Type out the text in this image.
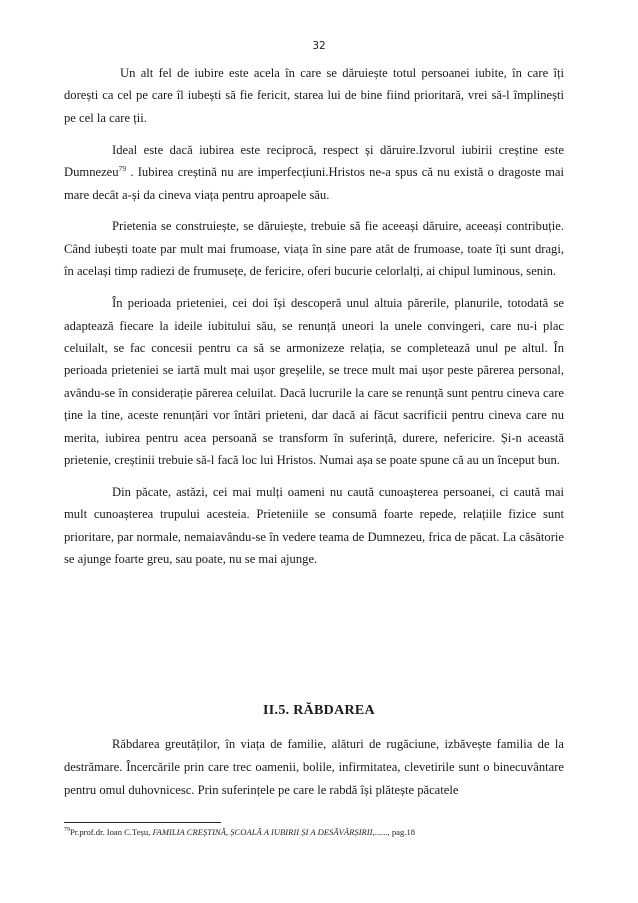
32

Un alt fel de iubire este acela în care se dăruiește totul persoanei iubite, în care îți dorești ca cel pe care îl iubești să fie fericit, starea lui de bine fiind prioritară, vrei să-l împlinești pe cel la care ții.

Ideal este dacă iubirea este reciprocă, respect și dăruire.Izvorul iubirii creștine este Dumnezeu$^{79}$ . Iubirea creștină nu are imperfecțiuni.Hristos ne-a spus că nu există o dragoste mai mare decât a-și da cineva viața pentru aproapele său.

Prietenia se construiește, se dăruiește, trebuie să fie aceeași dăruire, aceeași contribuție. Când iubești toate par mult mai frumoase, viața în sine pare atât de frumoase, toate îți sunt dragi, în același timp radiezi de frumusețe, de fericire, oferi bucurie celorlalți, ai chipul luminous, senin.

În perioada prieteniei, cei doi își descoperă unul altuia părerile, planurile, totodată se adaptează fiecare la ideile iubitului său, se renunță uneori la unele convingeri, care nu-i plac celuilalt, se fac concesii pentru ca să se armonizeze relația, se completează unul pe altul. În perioada prieteniei se iartă mult mai ușor greșelile, se trece mult mai ușor peste părerea personal, avându-se în considerație părerea celuilat. Dacă lucrurile la care se renunță sunt pentru cineva care ține la tine, aceste renunțări vor întări prieteni, dar dacă ai făcut sacrificii pentru cineva care nu merita, iubirea pentru acea persoană se transform în suferință, durere, nefericire. Și-n această prietenie, creștinii trebuie să-l facă loc lui Hristos. Numai așa se poate spune că au un început bun.

Din păcate, astăzi, cei mai mulți oameni nu caută cunoașterea persoanei, ci caută mai mult cunoașterea trupului acesteia. Prieteniile se consumă foarte repede, relațiile fizice sunt prioritare, par normale, nemaiavându-se în vedere teama de Dumnezeu, frica de păcat. La căsătorie se ajunge foarte greu, sau poate, nu se mai ajunge.

II.5. RĂBDAREA

Răbdarea greutăților, în viața de familie, alături de rugăciune, izbăvește familia de la destrămare. Încercările prin care trec oamenii, bolile, infirmitatea, clevetirile sunt o binecuvântare pentru omul duhovnicesc. Prin suferințele pe care le rabdă își plătește păcatele

$^{79}$Pr.prof.dr. Ioan C.Teșu, FAMILIA CREȘTINĂ, ȘCOALĂ A IUBIRII ȘI A DESĂVÂRȘIRII,......, pag.18
